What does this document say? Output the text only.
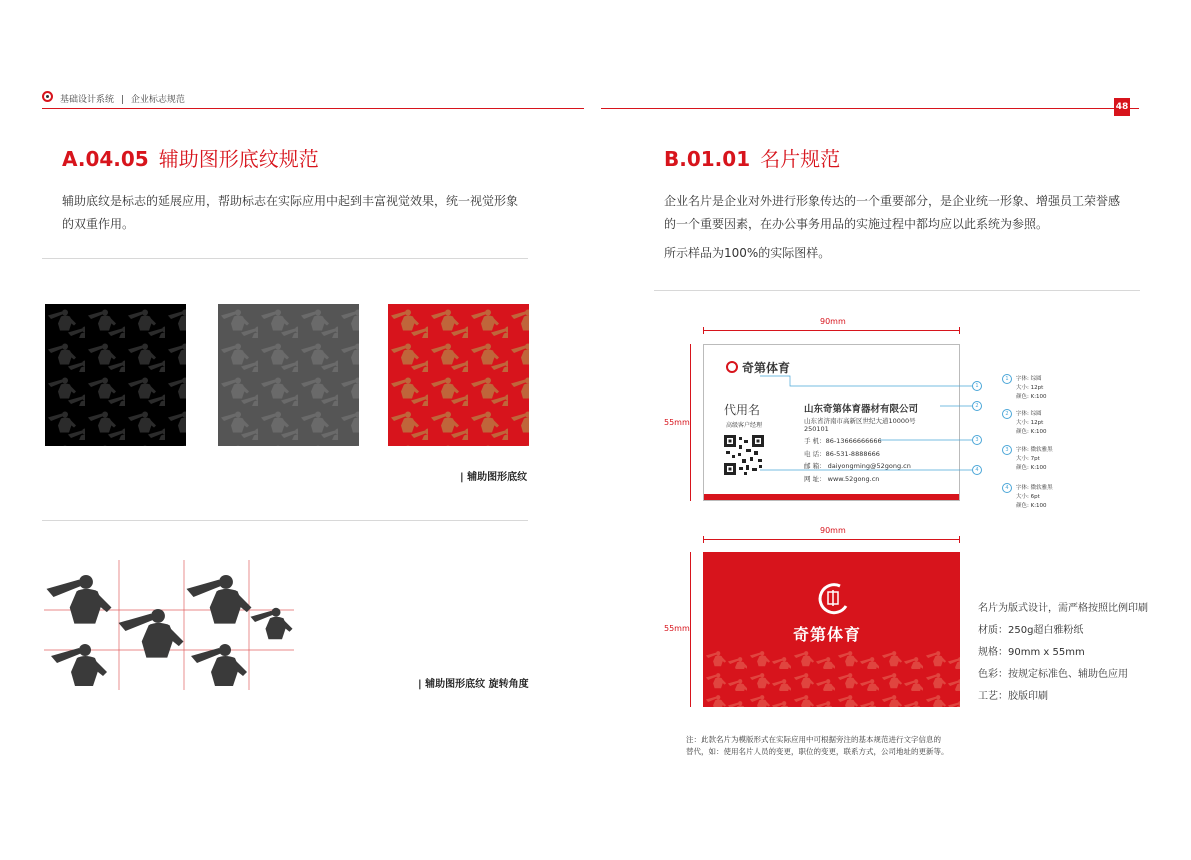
基础设计系统 | 企业标志规范
48
A.04.05 辅助图形底纹规范
辅助底纹是标志的延展应用，帮助标志在实际应用中起到丰富视觉效果，统一视觉形象
的双重作用。
| 辅助图形底纹
| 辅助图形底纹 旋转角度
B.01.01 名片规范
企业名片是企业对外进行形象传达的一个重要部分，是企业统一形象、增强员工荣誉感
的一个重要因素，在办公事务用品的实施过程中都均应以此系统为参照。
所示样品为100%的实际图样。
90mm
55mm
奇第体育
代用名
高级客户经理
山东奇第体育器材有限公司
山东省济南市高新区世纪大道10000号
250101
手 机：86-13666666666
电 话：86-531-8888666
邮 箱： daiyongming@52gong.cn
网 址： www.52gong.cn
1
2
3
4
1	字体: 综圆
大小: 12pt
颜色: K:100
2	字体: 综圆
大小: 12pt
颜色: K:100
3	字体: 微软雅黑
大小: 7pt
颜色: K:100
4	字体: 微软雅黑
大小: 6pt
颜色: K:100
90mm
55mm	奇第体育
名片为版式设计，需严格按照比例印刷
材质：250g超白雅粉纸
规格：90mm x 55mm
色彩：按规定标准色、辅助色应用
工艺：胶版印刷
注：此款名片为模版形式在实际应用中可根据旁注的基本规范进行文字信息的
替代，如：使用名片人员的变更，职位的变更，联系方式，公司地址的更新等。
